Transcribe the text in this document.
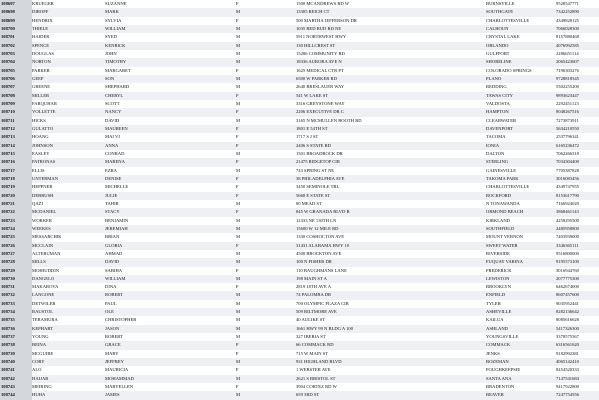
108697	KRUEGER	SUZANNE	F	1500 MCANDREWS RD W	BURNSVILLE	9528547771
108698	DIROFF	MARK	M	13305 REICH CT	SOUTHGATE	7342252890
108699	HENDRIX	SYLVIA	F	500 MARTHA JEFFERSON DR	CHARLOTTESVILLE	4349828125
108700	THIELE	WILLIAM	M	1035 RED BUD RD NE	CALHOUN	7066028300
108701	HAIDER	SYED	M	5911 NORTHWEST HWY	CRYSTAL LAKE	8157880468
108702	SPENCE	KENRICK	M	130 HILLCREST ST	ORLANDO	4076992585
108703	DOUGLAS	JOHN	M	15286 COMMUNITY RD	GULFPORT	2286651114
108704	NORTON	TIMOTHY	M	18336 AURORA AVE N	SHORELINE	2065423607
108705	PARKER	MARGARET	F	1625 MEDICAL CTR PT	COLORADO SPRINGS	7196303276
108706	GEEP	SON	M	6500 W PARKER RD	PLANO	9728818345
108707	GREENE	SHEPHARD	M	2640 BRESLAUER WAY	REDDING	5302255200
108708	MILLER	CHERYL	F	541 W LAKE ST	TAWAS CITY	9893623447
108709	FARQUHAR	SCOTT	M	3316 GREYSTONE WAY	VALDOSTA	2292451123
108710	VOLLETTE	NANCY	F	2206 EXECUTIVE DR C	HAMPTON	8048267516
108711	HICKS	DAVID	M	3165 N MCMULLEN BOOTH RD	CLEARWATER	7273873911
108712	GULATTO	MAUREEN	F	1801 E 54TH ST	DAVENPORT	5634210550
108713	HOANG	MAI VI	F	1717 S J ST	TACOMA	2537796341
108714	JOHNSON	ANNA	F	2406 S STATE RD	IONIA	6165236472
108715	EASLEY	CONRAD	M	1501 BROADROCK DR	DALTON	7062266318
108716	PATRONAS	MARENA	F	21475 RIDGETOP CIR	STERLING	7034304400
108717	ELLIS	EZRA	M	743 SPRING ST NE	GAINESVILLE	7705387828
108718	UNTERMAN	DENISE	F	38 PHILADELPHIA AVE	TAKOMA PARK	3016083456
108719	HEPPNER	MICHELLE	F	3450 SEMINOLE TRL	CHARLOTTESVILLE	4349747955
108720	DEBRUSH	JULIE	F	5668 E STATE ST	ROCKFORD	8153617790
108721	QAZI	TAHIR	M	80 MEAD ST	N TONAWANDA	7166924020
108722	MCDANIEL	STACY	F	845 W GRANADA BLVD B	ORMOND BEACH	3868461143
108723	WORKER	BENJAMIN	M	12333 NE 130TH LN	KIRKLAND	4258295500
108724	WEEKES	JEREMIAH	M	15600 W 12 MILE RD	SOUTHFIELD	2485958800
108725	MESSARCHIK	BRIAN	M	1330 COSHOCTON AVE	MOUNT VERNON	7403939000
108726	MCCLAIN	GLORIA	F	31431 ALABAMA HWY 10	SWEET WATER	3346365111
108727	ALTERUMAN	AHMAD	M	4500 BROCKTON AVE	RIVERSIDE	9516800000
108728	MILLS	DAVID	M	100 N FISHER DR	FUQUAY VARINA	9195573100
108729	MOHIUDDIN	SABIHA	F	110 BAUGHMANS LANE	FREDERICK	3016944760
108730	DANGELO	WILLIAM	M	198 MAIN ST A	LEWISTON	2077775300
108731	MAKAROVA	DINA	F	2819 18TH AVE A	BROOKLYN	6462674000
108732	LANGONE	ROBERT	M	74 PALOMBA DR	ENFIELD	8607457600
108733	DETWILER	PAUL	M	700 OLYMPIC PLAZA CIR	TYLER	9035952441
108734	RAUSTOL	OLE	M	509 BILTMORE AVE	ASHEVILLE	8282136642
108735	TERAMURA	CHRISTOPHER	M	40 AULIKE ST	KAILUA	8085616628
108736	KEPHART	JASON	M	1661 HWY 99 N BLDG A 100	ASHLAND	5417326300
108737	YOUNG	ROBERT	M	327 IBERIA ST	YOUNGSVILLE	3378575567
108738	BEINA	GRACE	F	66 COMMACK RD	COMMACK	6316561620
108739	MCGUIRE	MARY	F	715 W MAIN ST	JENKS	9182992381
108740	CORY	JEFFREY	M	931 HIGHLAND BLVD	BOZEMAN	4065142410
108741	ALO	MAURICIA	F	1 WEBSTER AVE	POUGHKEEPSIE	8454520333
108742	HAIJAR	MOHAMMAD	M	2621 S BRISTOL ST	SANTA ANA	7147541684
108743	MEIRING	MARYELLEN	F	3904 CORTEZ RD W	BRADENTON	9417922800
108744	HUHA	JAMES	M	659 3RD ST	BEAVER	7247754556
